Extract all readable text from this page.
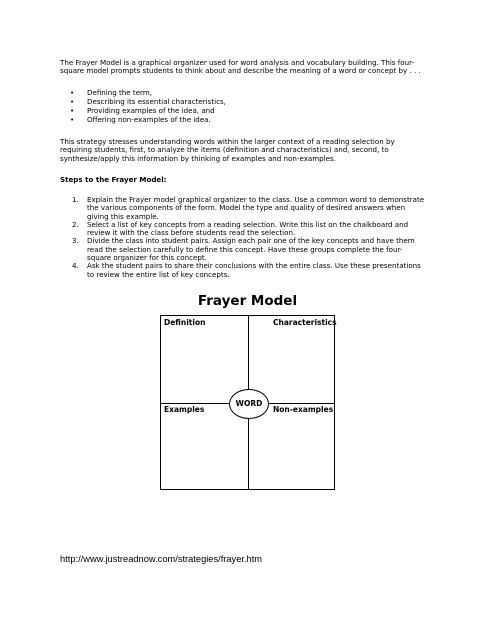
The Frayer Model is a graphical organizer used for word analysis and vocabulary building. This four-
square model prompts students to think about and describe the meaning of a word or concept by . . .
• Defining the term,
• Describing its essential characteristics,
• Providing examples of the idea, and
• Offering non-examples of the idea.
This strategy stresses understanding words within the larger context of a reading selection by
requiring students, first, to analyze the items (definition and characteristics) and, second, to
synthesize/apply this information by thinking of examples and non-examples.
Steps to the Frayer Model:
1. Explain the Frayer model graphical organizer to the class. Use a common word to demonstrate
the various components of the form. Model the type and quality of desired answers when
giving this example.
2. Select a list of key concepts from a reading selection. Write this list on the chalkboard and
review it with the class before students read the selection.
3. Divide the class into student pairs. Assign each pair one of the key concepts and have them
read the selection carefully to define this concept. Have these groups complete the four-
square organizer for this concept.
4. Ask the student pairs to share their conclusions with the entire class. Use these presentations
to review the entire list of key concepts.
Frayer Model
Definition	Characteristics
Examples	Non-examples
WORD
http://www.justreadnow.com/strategies/frayer.htm
